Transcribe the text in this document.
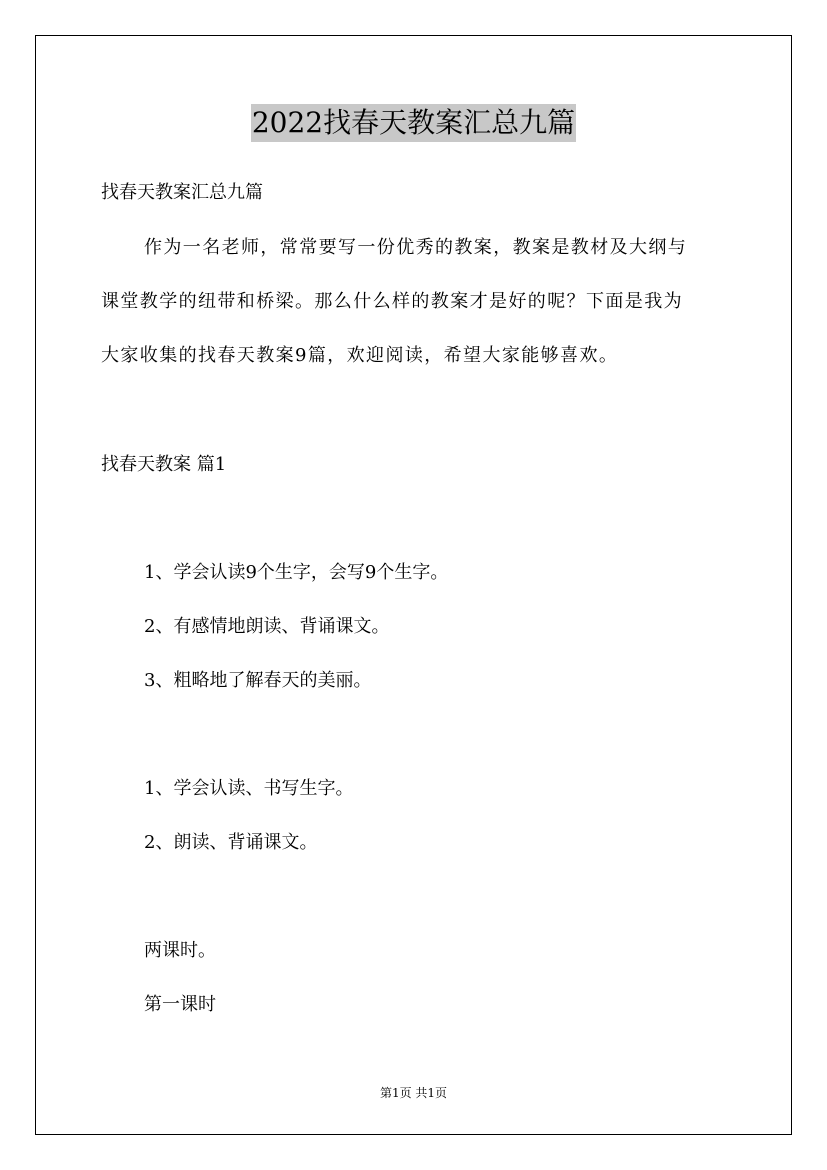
2022找春天教案汇总九篇
找春天教案汇总九篇
作为一名老师，常常要写一份优秀的教案，教案是教材及大纲与
课堂教学的纽带和桥梁。那么什么样的教案才是好的呢？下面是我为
大家收集的找春天教案9篇，欢迎阅读，希望大家能够喜欢。
找春天教案 篇1
1、学会认读9个生字，会写9个生字。
2、有感情地朗读、背诵课文。
3、粗略地了解春天的美丽。
1、学会认读、书写生字。
2、朗读、背诵课文。
两课时。
第一课时
第1页 共1页
